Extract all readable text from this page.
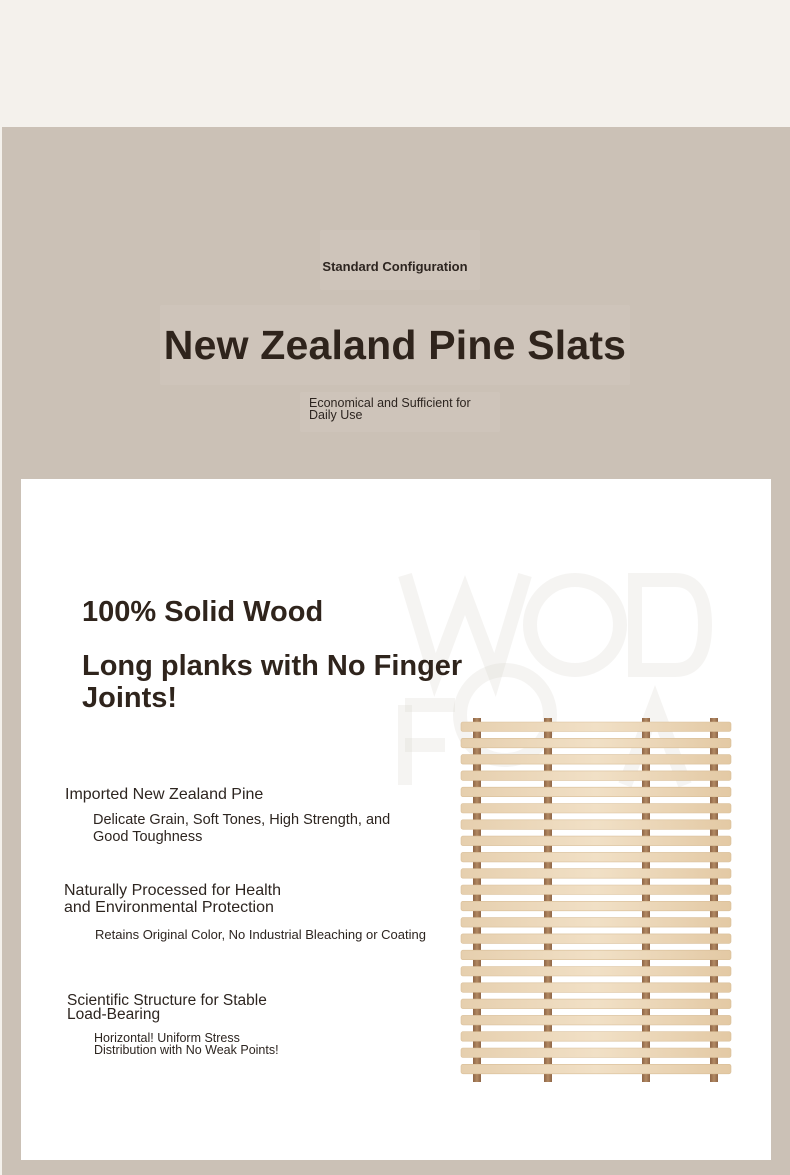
Standard Configuration
New Zealand Pine Slats
Economical and Sufficient for Daily Use
100% Solid Wood
Long planks with No Finger Joints!
Imported New Zealand Pine
Delicate Grain, Soft Tones, High Strength, and Good Toughness
Naturally Processed for Health and Environmental Protection
Retains Original Color, No Industrial Bleaching or Coating
Scientific Structure for Stable Load-Bearing
Horizontal! Uniform Stress Distribution with No Weak Points!
